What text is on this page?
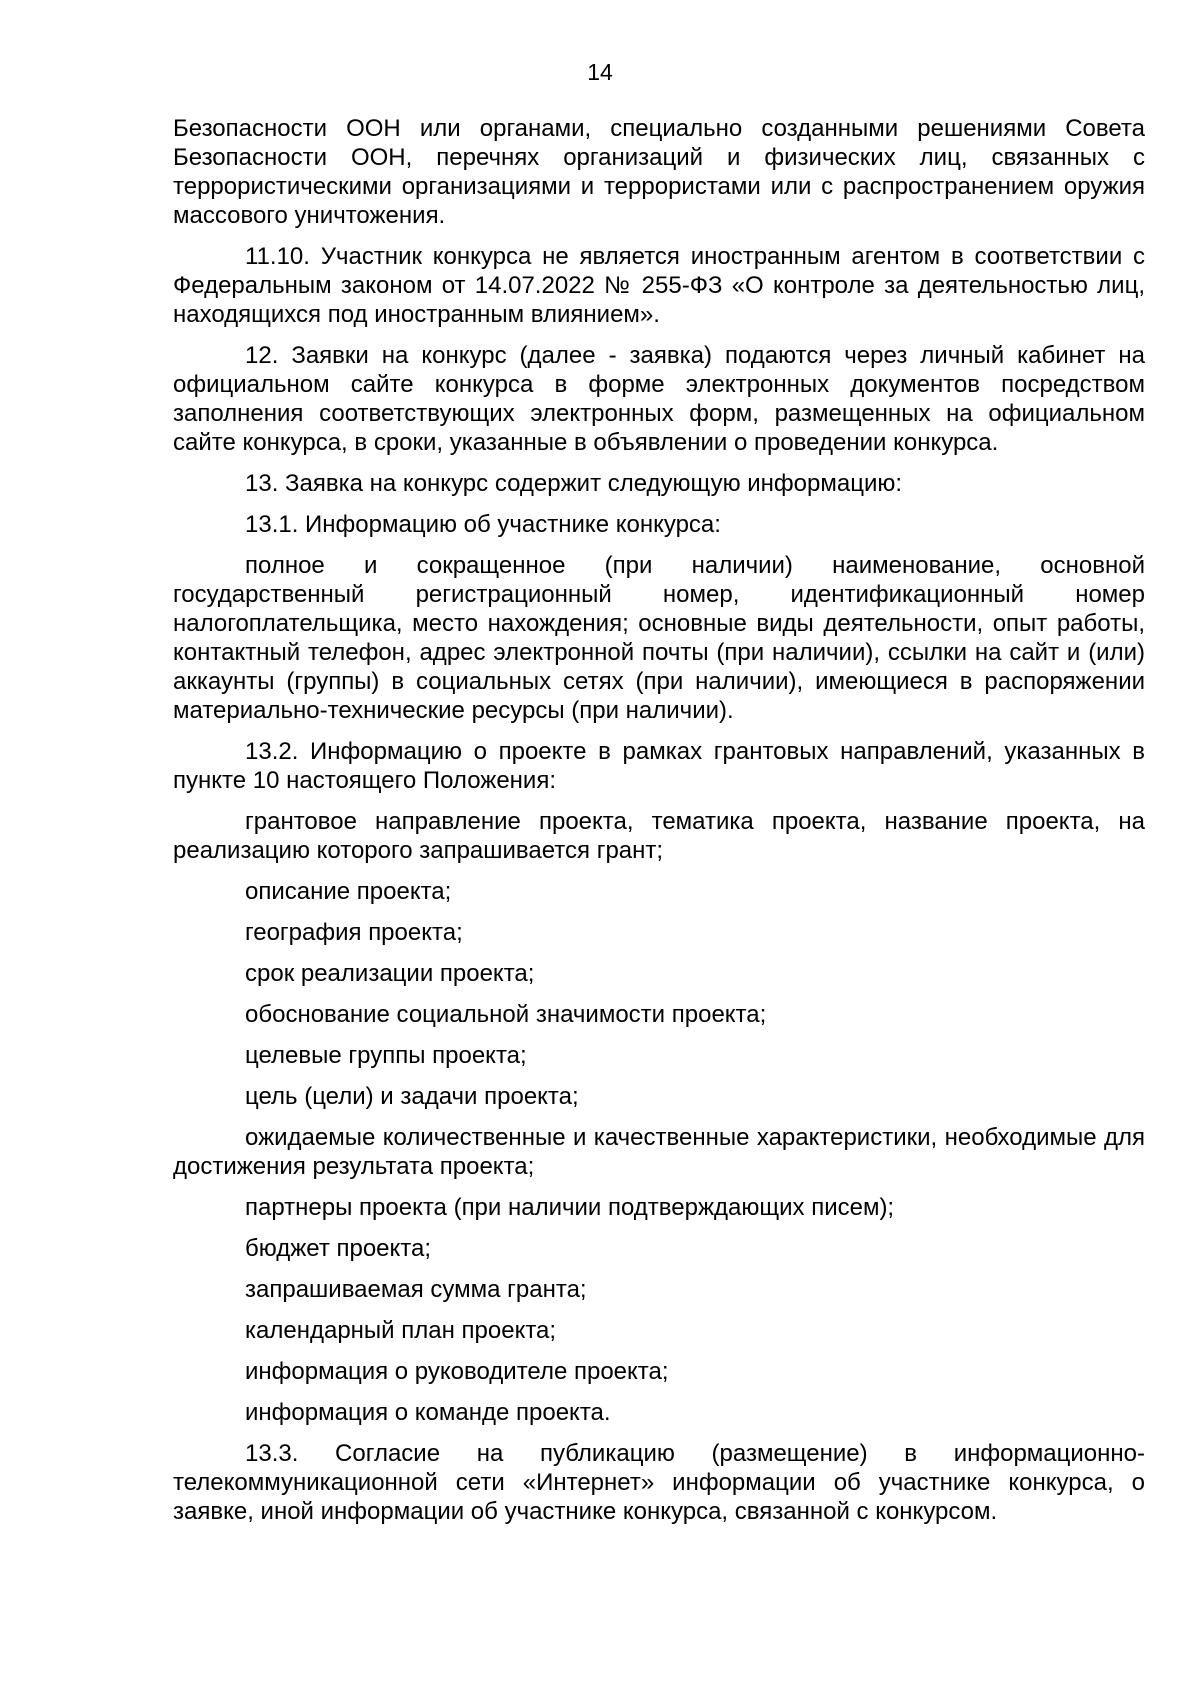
14

Безопасности ООН или органами, специально созданными решениями Совета Безопасности ООН, перечнях организаций и физических лиц, связанных с террористическими организациями и террористами или с распространением оружия массового уничтожения.

11.10. Участник конкурса не является иностранным агентом в соответствии с Федеральным законом от 14.07.2022 № 255-ФЗ «О контроле за деятельностью лиц, находящихся под иностранным влиянием».

12. Заявки на конкурс (далее - заявка) подаются через личный кабинет на официальном сайте конкурса в форме электронных документов посредством заполнения соответствующих электронных форм, размещенных на официальном сайте конкурса, в сроки, указанные в объявлении о проведении конкурса.

13. Заявка на конкурс содержит следующую информацию:

13.1. Информацию об участнике конкурса:

полное и сокращенное (при наличии) наименование, основной государственный регистрационный номер, идентификационный номер налогоплательщика, место нахождения; основные виды деятельности, опыт работы, контактный телефон, адрес электронной почты (при наличии), ссылки на сайт и (или) аккаунты (группы) в социальных сетях (при наличии), имеющиеся в распоряжении материально-технические ресурсы (при наличии).

13.2. Информацию о проекте в рамках грантовых направлений, указанных в пункте 10 настоящего Положения:

грантовое направление проекта, тематика проекта, название проекта, на реализацию которого запрашивается грант;

описание проекта;

география проекта;

срок реализации проекта;

обоснование социальной значимости проекта;

целевые группы проекта;

цель (цели) и задачи проекта;

ожидаемые количественные и качественные характеристики, необходимые для достижения результата проекта;

партнеры проекта (при наличии подтверждающих писем);

бюджет проекта;

запрашиваемая сумма гранта;

календарный план проекта;

информация о руководителе проекта;

информация о команде проекта.

13.3. Согласие на публикацию (размещение) в информационно-телекоммуникационной сети «Интернет» информации об участнике конкурса, о заявке, иной информации об участнике конкурса, связанной с конкурсом.
